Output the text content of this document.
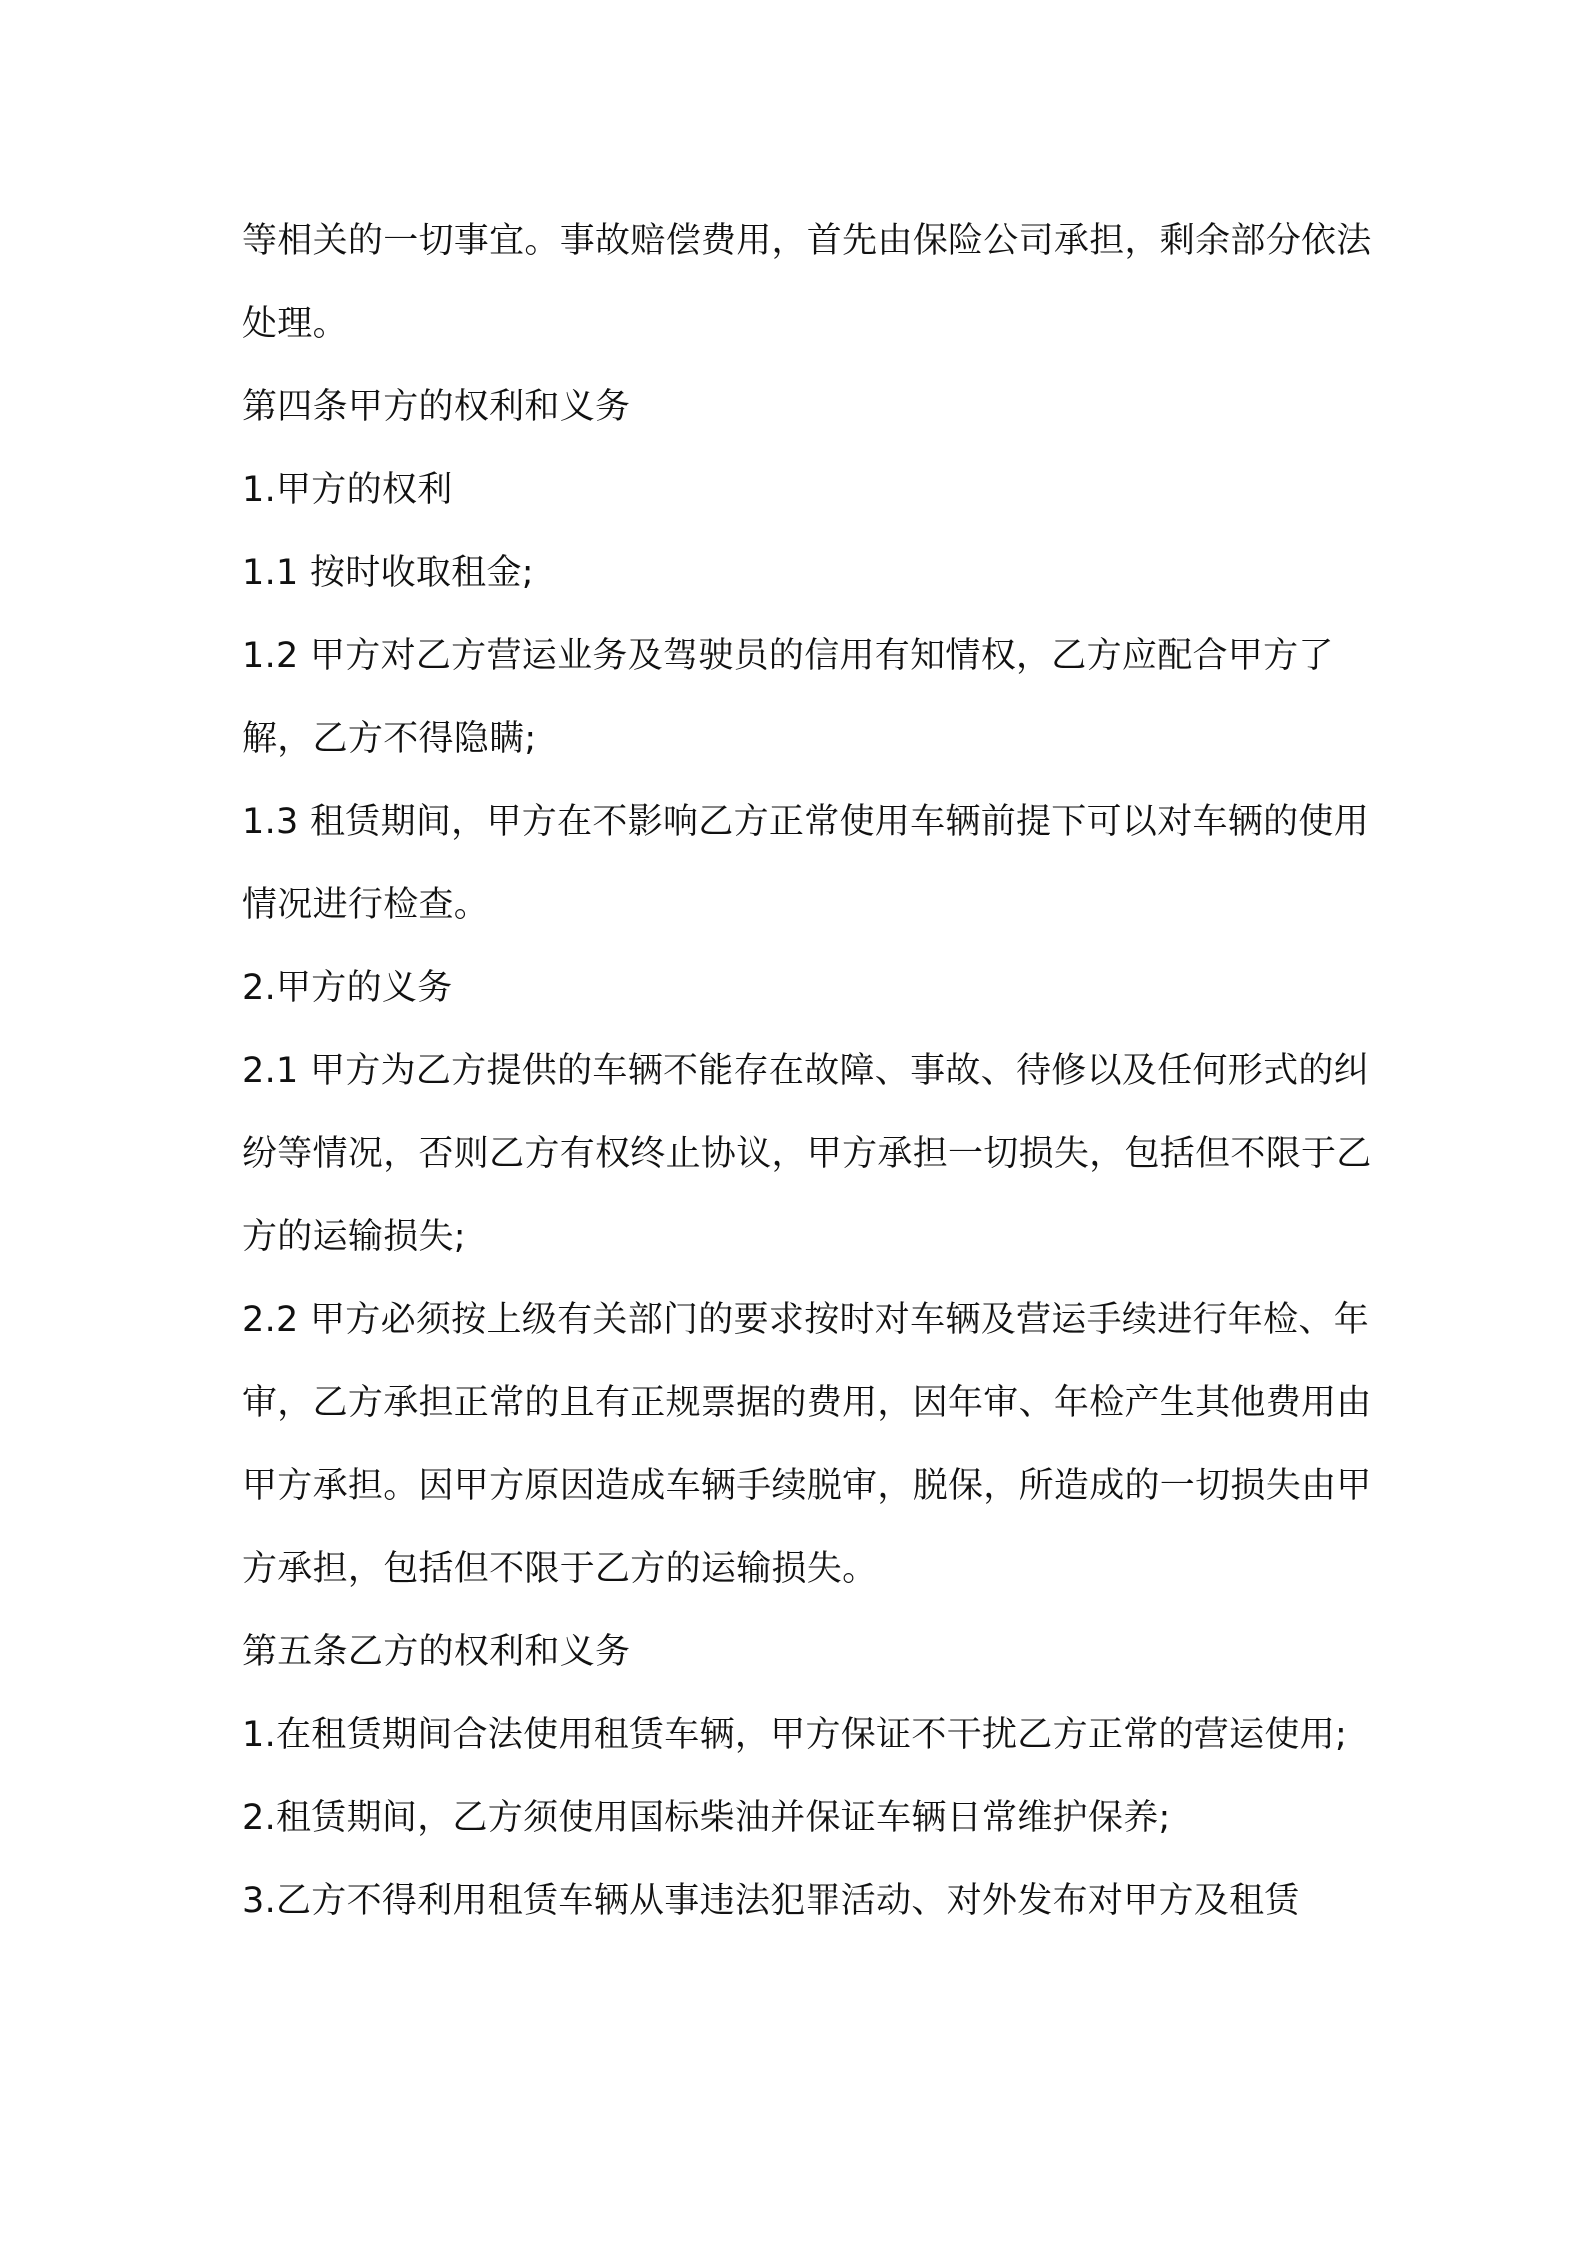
等相关的一切事宜。事故赔偿费用，首先由保险公司承担，剩余部分依法处理。

第四条甲方的权利和义务

1.甲方的权利

1.1 按时收取租金;

1.2 甲方对乙方营运业务及驾驶员的信用有知情权，乙方应配合甲方了解，乙方不得隐瞒;

1.3 租赁期间，甲方在不影响乙方正常使用车辆前提下可以对车辆的使用情况进行检查。

2.甲方的义务

2.1 甲方为乙方提供的车辆不能存在故障、事故、待修以及任何形式的纠纷等情况，否则乙方有权终止协议，甲方承担一切损失，包括但不限于乙方的运输损失;

2.2 甲方必须按上级有关部门的要求按时对车辆及营运手续进行年检、年审，乙方承担正常的且有正规票据的费用，因年审、年检产生其他费用由甲方承担。因甲方原因造成车辆手续脱审，脱保，所造成的一切损失由甲方承担，包括但不限于乙方的运输损失。

第五条乙方的权利和义务

1.在租赁期间合法使用租赁车辆，甲方保证不干扰乙方正常的营运使用;

2.租赁期间，乙方须使用国标柴油并保证车辆日常维护保养;

3.乙方不得利用租赁车辆从事违法犯罪活动、对外发布对甲方及租赁
